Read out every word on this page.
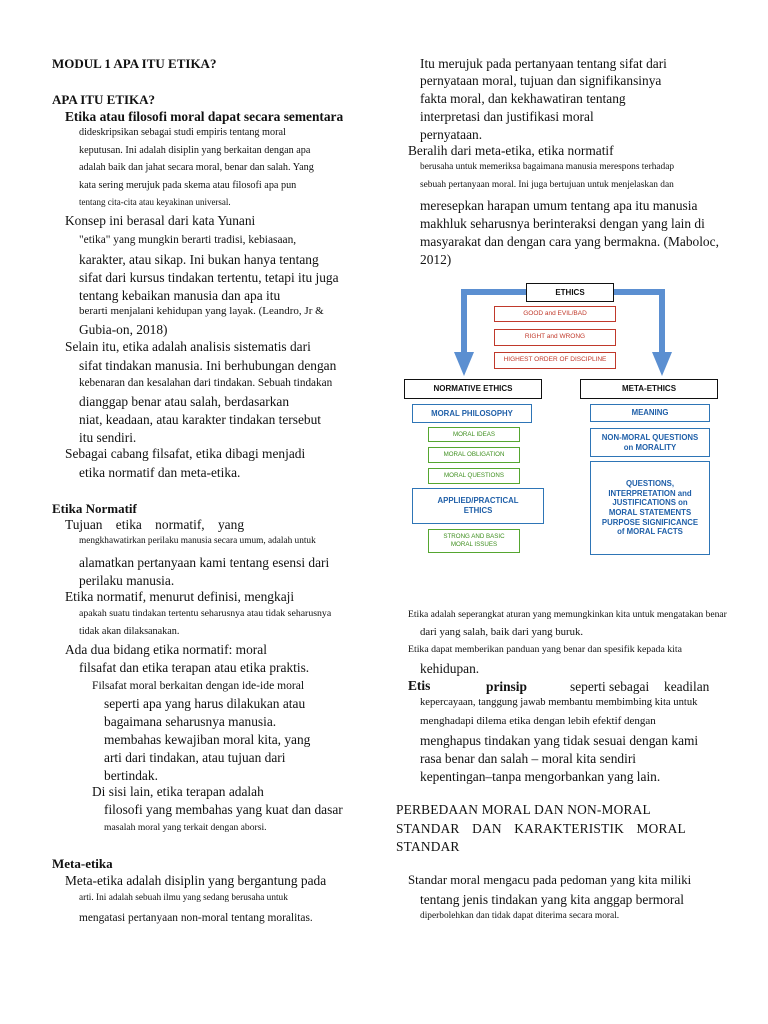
MODUL 1 APA ITU ETIKA?
APA ITU ETIKA?
Etika atau filosofi moral dapat secara sementara
dideskripsikan sebagai studi empiris tentang moral
keputusan. Ini adalah disiplin yang berkaitan dengan apa
adalah baik dan jahat secara moral, benar dan salah. Yang
kata sering merujuk pada skema atau filosofi apa pun
tentang cita-cita atau keyakinan universal.
Konsep ini berasal dari kata Yunani
"etika" yang mungkin berarti tradisi, kebiasaan,
karakter, atau sikap. Ini bukan hanya tentang
sifat dari kursus tindakan tertentu, tetapi itu juga
tentang kebaikan manusia dan apa itu
berarti menjalani kehidupan yang layak. (Leandro, Jr &
Gubia-on, 2018)
Selain itu, etika adalah analisis sistematis dari
sifat tindakan manusia. Ini berhubungan dengan
kebenaran dan kesalahan dari tindakan. Sebuah tindakan
dianggap benar atau salah, berdasarkan
niat, keadaan, atau karakter tindakan tersebut
itu sendiri.
Sebagai cabang filsafat, etika dibagi menjadi
etika normatif dan meta-etika.
Etika Normatif
Tujuan etika normatif, yang
mengkhawatirkan perilaku manusia secara umum, adalah untuk
alamatkan pertanyaan kami tentang esensi dari
perilaku manusia.
Etika normatif, menurut definisi, mengkaji
apakah suatu tindakan tertentu seharusnya atau tidak seharusnya
tidak akan dilaksanakan.
Ada dua bidang etika normatif: moral
filsafat dan etika terapan atau etika praktis.
Filsafat moral berkaitan dengan ide-ide moral
seperti apa yang harus dilakukan atau
bagaimana seharusnya manusia.
membahas kewajiban moral kita, yang
arti dari tindakan, atau tujuan dari
bertindak.
Di sisi lain, etika terapan adalah
filosofi yang membahas yang kuat dan dasar
masalah moral yang terkait dengan aborsi.
Meta-etika
Meta-etika adalah disiplin yang bergantung pada
arti. Ini adalah sebuah ilmu yang sedang berusaha untuk
mengatasi pertanyaan non-moral tentang moralitas.
Itu merujuk pada pertanyaan tentang sifat dari
pernyataan moral, tujuan dan signifikansinya
fakta moral, dan kekhawatiran tentang
interpretasi dan justifikasi moral
pernyataan.
Beralih dari meta-etika, etika normatif
berusaha untuk memeriksa bagaimana manusia merespons terhadap
sebuah pertanyaan moral. Ini juga bertujuan untuk menjelaskan dan
meresepkan harapan umum tentang apa itu manusia
makhluk seharusnya berinteraksi dengan yang lain di
masyarakat dan dengan cara yang bermakna. (Maboloc,
2012)
Etika adalah seperangkat aturan yang memungkinkan kita untuk mengatakan benar
dari yang salah, baik dari yang buruk.
Etika dapat memberikan panduan yang benar dan spesifik kepada kita
kehidupan.
Etis	prinsip	seperti sebagai keadilan
kepercayaan, tanggung jawab membantu membimbing kita untuk
menghadapi dilema etika dengan lebih efektif dengan
menghapus tindakan yang tidak sesuai dengan kami
rasa benar dan salah – moral kita sendiri
kepentingan–tanpa mengorbankan yang lain.
PERBEDAAN MORAL DAN NON-MORAL
STANDAR DAN KARAKTERISTIK MORAL
STANDAR
Standar moral mengacu pada pedoman yang kita miliki
tentang jenis tindakan yang kita anggap bermoral
diperbolehkan dan tidak dapat diterima secara moral.
ETHICS
GOOD and EVIL/BAD
RIGHT and WRONG
HIGHEST ORDER OF DISCIPLINE
NORMATIVE ETHICS	META-ETHICS
MORAL PHILOSOPHY
MORAL IDEAS
MORAL OBLIGATION
MORAL QUESTIONS
APPLIED/PRACTICAL ETHICS
STRONG AND BASIC MORAL ISSUES
MEANING
NON-MORAL QUESTIONS on MORALITY
QUESTIONS, INTERPRETATION and JUSTIFICATIONS on MORAL STATEMENTS PURPOSE SIGNIFICANCE of MORAL FACTS
